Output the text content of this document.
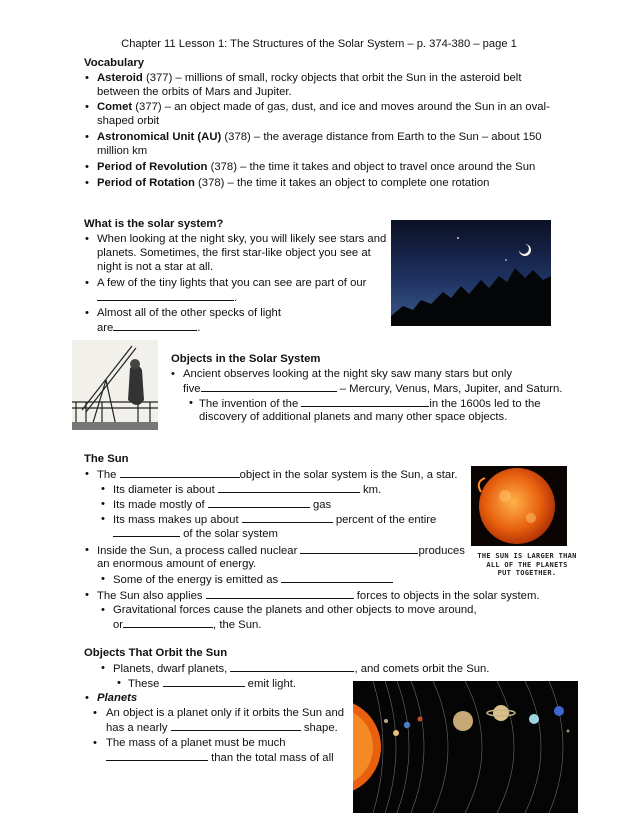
Chapter 11 Lesson 1: The Structures of the Solar System – p. 374-380 – page 1
Vocabulary
• Asteroid (377) – millions of small, rocky objects that orbit the Sun in the asteroid belt
between the orbits of Mars and Jupiter.
• Comet (377) – an object made of gas, dust, and ice and moves around the Sun in an oval-
shaped orbit
• Astronomical Unit (AU) (378) – the average distance from Earth to the Sun – about 150
million km
• Period of Revolution (378) – the time it takes and object to travel once around the Sun
• Period of Rotation (378) – the time it takes an object to complete one rotation
What is the solar system?
• When looking at the night sky, you will likely see stars and
planets. Sometimes, the first star-like object you see at
night is not a star at all.
• A few of the tiny lights that you can see are part of our
.
• Almost all of the other specks of light
are	.
Objects in the Solar System
• Ancient observes looking at the night sky saw many stars but only
five	– Mercury, Venus, Mars, Jupiter, and Saturn.
• The invention of the	in the 1600s led to the
discovery of additional planets and many other space objects.
The Sun
• The	object in the solar system is the Sun, a star.
• Its diameter is about	km.
• Its made mostly of	gas
• Its mass makes up about	percent of the entire
of the solar system
• Inside the Sun, a process called nuclear	produces
an enormous amount of energy.
• Some of the energy is emitted as
• The Sun also applies	forces to objects in the solar system.
• Gravitational forces cause the planets and other objects to move around,
or	, the Sun.
THE SUN IS LARGER THAN
ALL OF THE PLANETS
PUT TOGETHER.
Objects That Orbit the Sun
• Planets, dwarf planets,	, and comets orbit the Sun.
• These	emit light.
• Planets
• An object is a planet only if it orbits the Sun and
has a nearly	shape.
• The mass of a planet must be much
than the total mass of all
